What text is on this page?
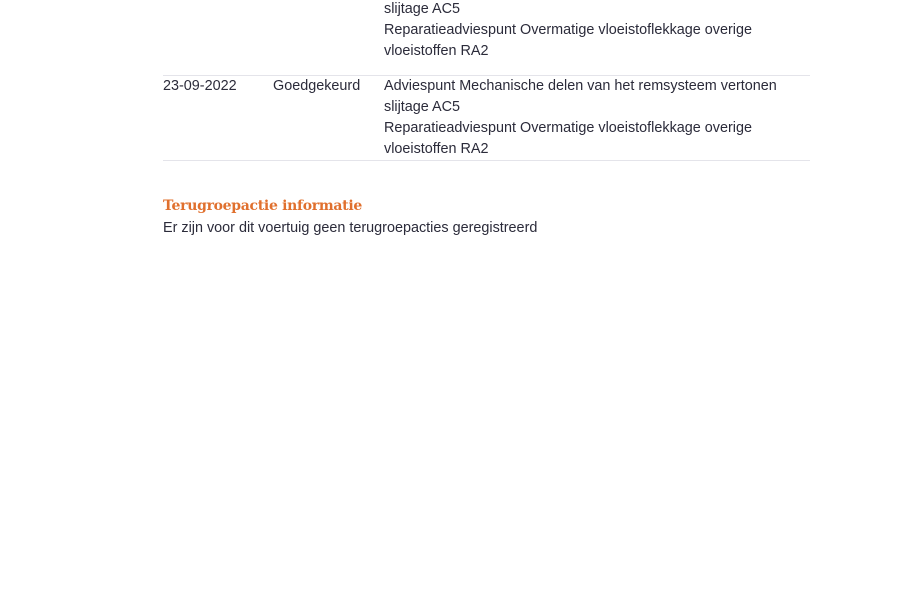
slijtage AC5
Reparatieadviespunt Overmatige vloeistoflekkage overige
vloeistoffen RA2
23-09-2022	Goedgekeurd	Adviespunt Mechanische delen van het remsysteem vertonen
slijtage AC5
Reparatieadviespunt Overmatige vloeistoflekkage overige
vloeistoffen RA2
Terugroepactie informatie

Er zijn voor dit voertuig geen terugroepacties geregistreerd
